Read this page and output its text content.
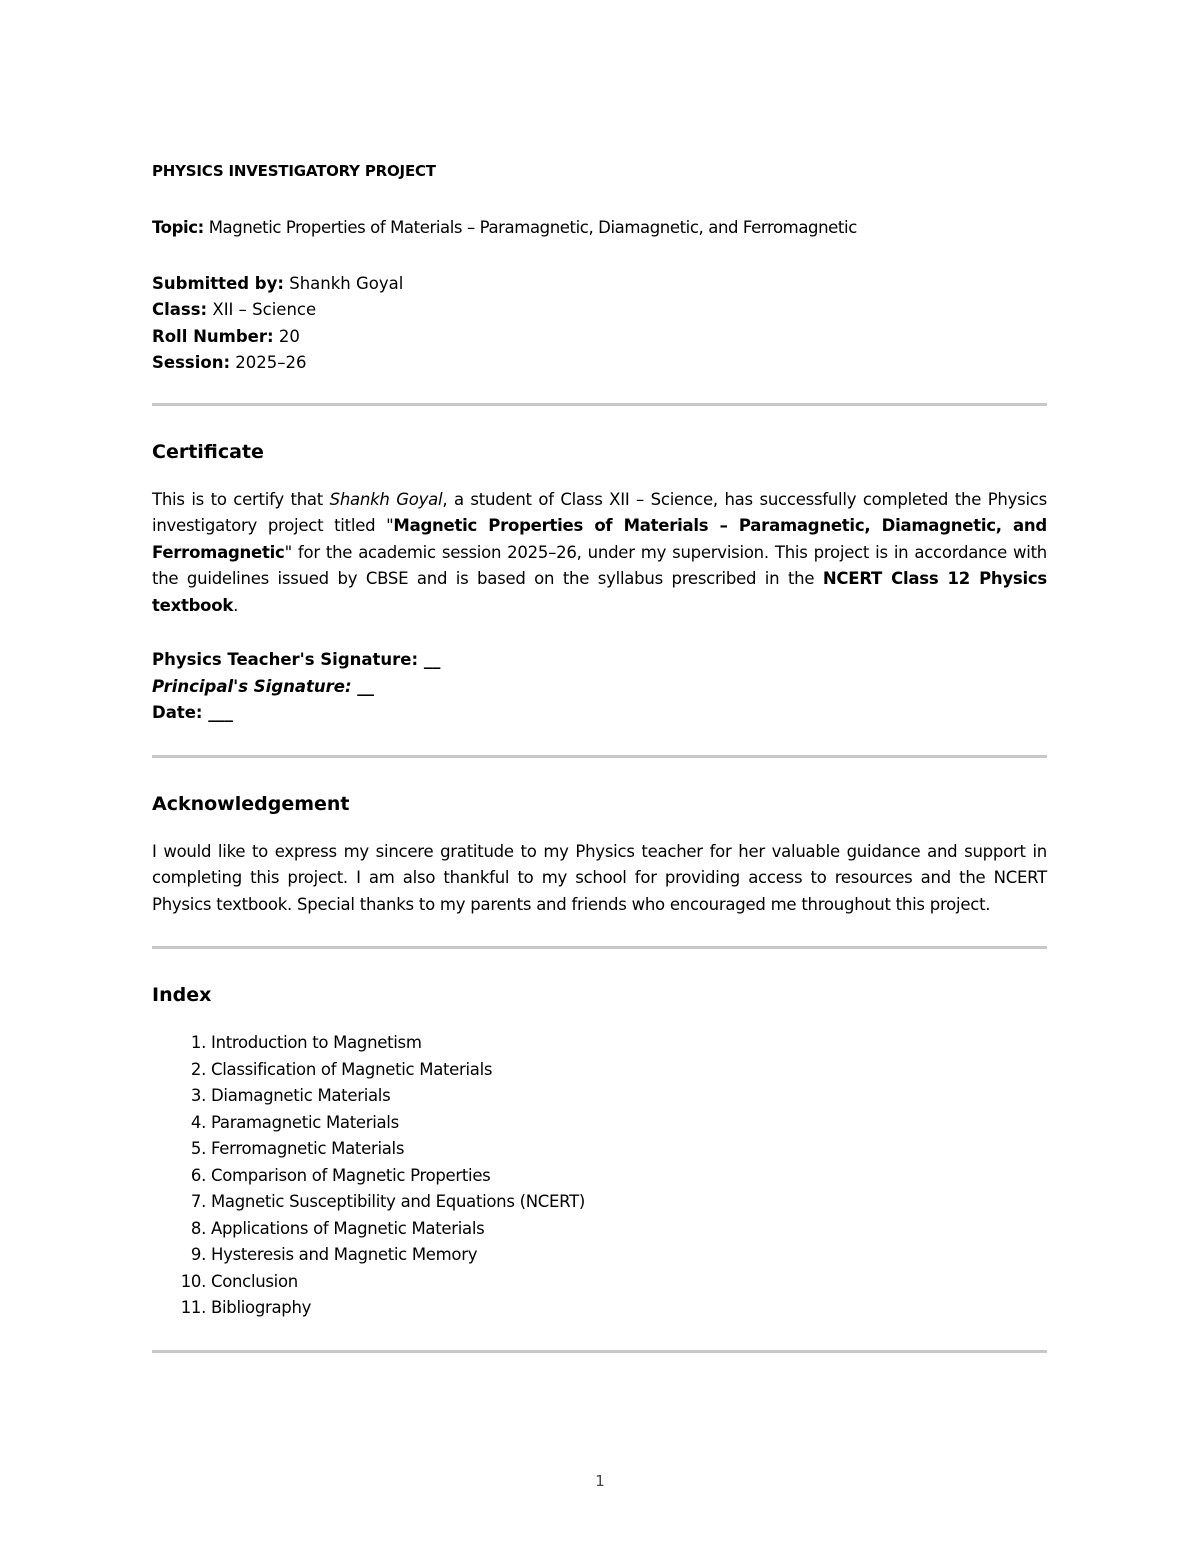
PHYSICS INVESTIGATORY PROJECT

Topic: Magnetic Properties of Materials – Paramagnetic, Diamagnetic, and Ferromagnetic

Submitted by: Shankh Goyal

Class: XII – Science

Roll Number: 20

Session: 2025–26

Certificate

This is to certify that Shankh Goyal, a student of Class XII – Science, has successfully completed the Physics investigatory project titled "Magnetic Properties of Materials – Paramagnetic, Diamagnetic, and Ferromagnetic" for the academic session 2025–26, under my supervision. This project is in accordance with the guidelines issued by CBSE and is based on the syllabus prescribed in the NCERT Class 12 Physics textbook.

Physics Teacher's Signature: __

Principal's Signature: __

Date: ___

Acknowledgement

I would like to express my sincere gratitude to my Physics teacher for her valuable guidance and support in completing this project. I am also thankful to my school for providing access to resources and the NCERT Physics textbook. Special thanks to my parents and friends who encouraged me throughout this project.

Index
1. Introduction to Magnetism
2. Classification of Magnetic Materials
3. Diamagnetic Materials
4. Paramagnetic Materials
5. Ferromagnetic Materials
6. Comparison of Magnetic Properties
7. Magnetic Susceptibility and Equations (NCERT)
8. Applications of Magnetic Materials
9. Hysteresis and Magnetic Memory
10. Conclusion
11. Bibliography
1
